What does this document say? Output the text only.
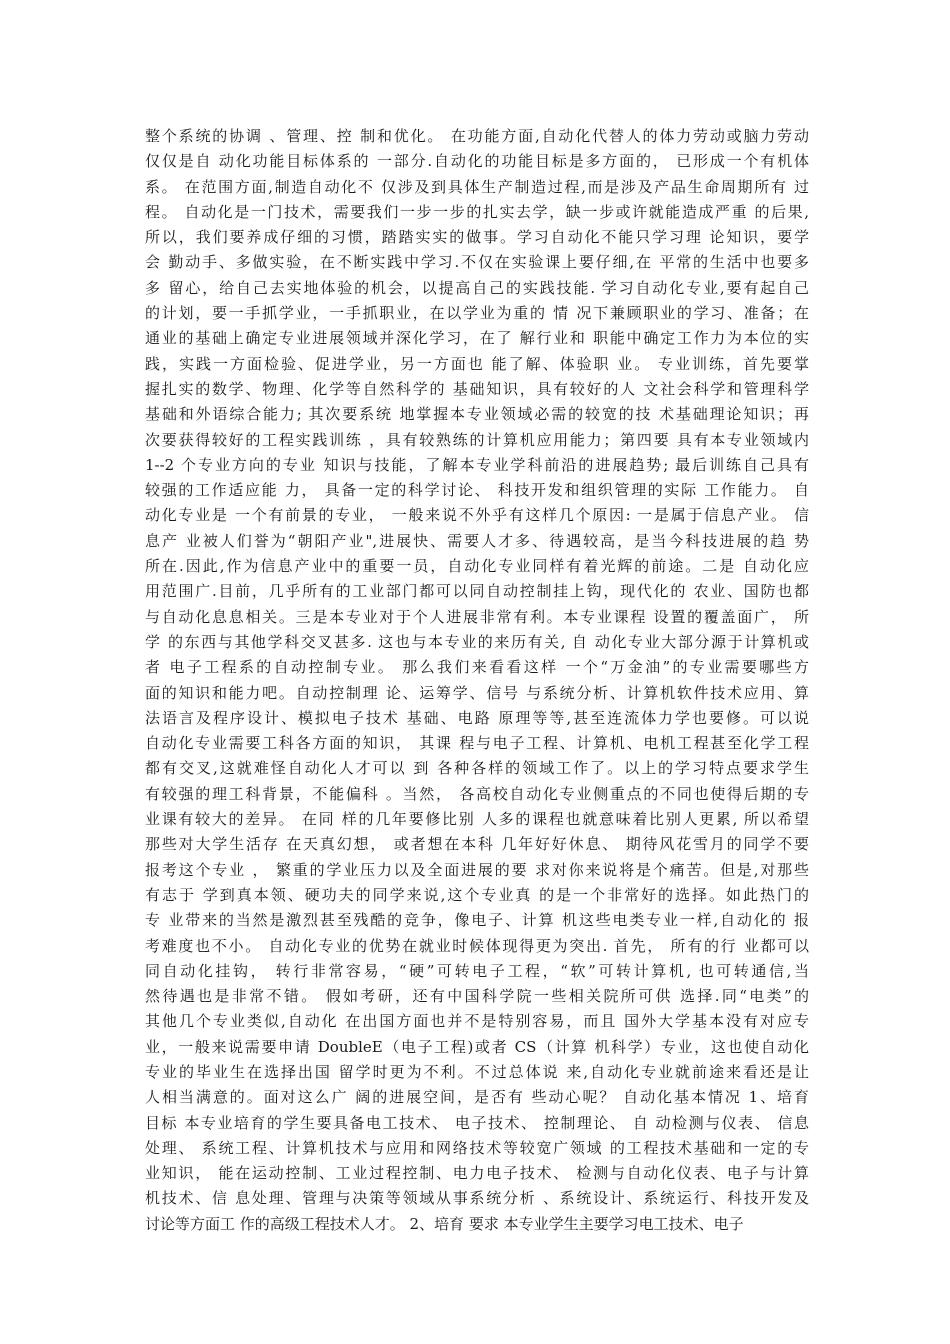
整个系统的协调 、管理、控 制和优化。 在功能方面,自动化代替人的体力劳动或脑力劳动
仅仅是自 动化功能目标体系的 一部分.自动化的功能目标是多方面的， 已形成一个有机体
系。 在范围方面,制造自动化不 仅涉及到具体生产制造过程,而是涉及产品生命周期所有 过
程。 自动化是一门技术，需要我们一步一步的扎实去学，缺一步或许就能造成严重 的后果,
所以，我们要养成仔细的习惯，踏踏实实的做事。学习自动化不能只学习理 论知识，要学
会 勤动手、多做实验，在不断实践中学习.不仅在实验课上要仔细,在 平常的生活中也要多
多 留心，给自己去实地体验的机会，以提高自己的实践技能. 学习自动化专业,要有起自己
的计划，要一手抓学业，一手抓职业，在以学业为重的 情 况下兼顾职业的学习、准备；在
通业的基础上确定专业进展领域并深化学习，在了 解行业和 职能中确定工作力为本位的实
践，实践一方面检验、促进学业，另一方面也 能了解、体验职 业。 专业训练，首先要掌
握扎实的数学、物理、化学等自然科学的 基础知识，具有较好的人 文社会科学和管理科学
基础和外语综合能力; 其次要系统 地掌握本专业领域必需的较宽的技 术基础理论知识；再
次要获得较好的工程实践训练 ，具有较熟练的计算机应用能力；第四要 具有本专业领域内
1--2 个专业方向的专业 知识与技能，了解本专业学科前沿的进展趋势; 最后训练自己具有
较强的工作适应能 力， 具备一定的科学讨论、 科技开发和组织管理的实际 工作能力。 自
动化专业是 一个有前景的专业， 一般来说不外乎有这样几个原因: 一是属于信息产业。 信
息产 业被人们誉为“朝阳产业",进展快、需要人才多、待遇较高，是当今科技进展的趋 势
所在.因此,作为信息产业中的重要一员，自动化专业同样有着光辉的前途。二是 自动化应
用范围广.目前，几乎所有的工业部门都可以同自动控制挂上钩，现代化的 农业、国防也都
与自动化息息相关。三是本专业对于个人进展非常有利。本专业课程 设置的覆盖面广， 所
学 的东西与其他学科交叉甚多. 这也与本专业的来历有关, 自 动化专业大部分源于计算机或
者 电子工程系的自动控制专业。 那么我们来看看这样 一个“万金油”的专业需要哪些方
面的知识和能力吧。自动控制理 论、运筹学、信号 与系统分析、计算机软件技术应用、算
法语言及程序设计、模拟电子技术 基础、电路 原理等等,甚至连流体力学也要修。可以说
自动化专业需要工科各方面的知识， 其课 程与电子工程、计算机、电机工程甚至化学工程
都有交叉,这就难怪自动化人才可以 到 各种各样的领域工作了。以上的学习特点要求学生
有较强的理工科背景，不能偏科 。当然， 各高校自动化专业侧重点的不同也使得后期的专
业课有较大的差异。 在同 样的几年要修比别 人多的课程也就意味着比别人更累, 所以希望
那些对大学生活存 在天真幻想， 或者想在本科 几年好好休息、 期待风花雪月的同学不要
报考这个专业 ， 繁重的学业压力以及全面进展的要 求对你来说将是个痛苦。但是,对那些
有志于 学到真本领、硬功夫的同学来说,这个专业真 的是一个非常好的选择。如此热门的
专 业带来的当然是激烈甚至残酷的竞争，像电子、计算 机这些电类专业一样,自动化的 报
考难度也不小。 自动化专业的优势在就业时候体现得更为突出. 首先， 所有的行 业都可以
同自动化挂钩， 转行非常容易，“硬”可转电子工程，“软”可转计算机, 也可转通信,当
然待遇也是非常不错。 假如考研，还有中国科学院一些相关院所可供 选择.同“电类”的
其他几个专业类似,自动化 在出国方面也并不是特别容易，而且 国外大学基本没有对应专
业，一般来说需要申请 DoubleE（电子工程)或者 CS（计算 机科学）专业，这也使自动化
专业的毕业生在选择出国 留学时更为不利。不过总体说 来,自动化专业就前途来看还是让
人相当满意的。面对这么广 阔的进展空间，是否有 些动心呢？ 自动化基本情况 1、培育
目标 本专业培育的学生要具备电工技术、 电子技术、 控制理论、 自 动检测与仪表、 信息
处理、 系统工程、计算机技术与应用和网络技术等较宽广领域 的工程技术基础和一定的专
业知识， 能在运动控制、工业过程控制、电力电子技术、 检测与自动化仪表、电子与计算
机技术、信 息处理、管理与决策等领域从事系统分析 、系统设计、系统运行、科技开发及
讨论等方面工 作的高级工程技术人才。 2、培育 要求 本专业学生主要学习电工技术、电子
